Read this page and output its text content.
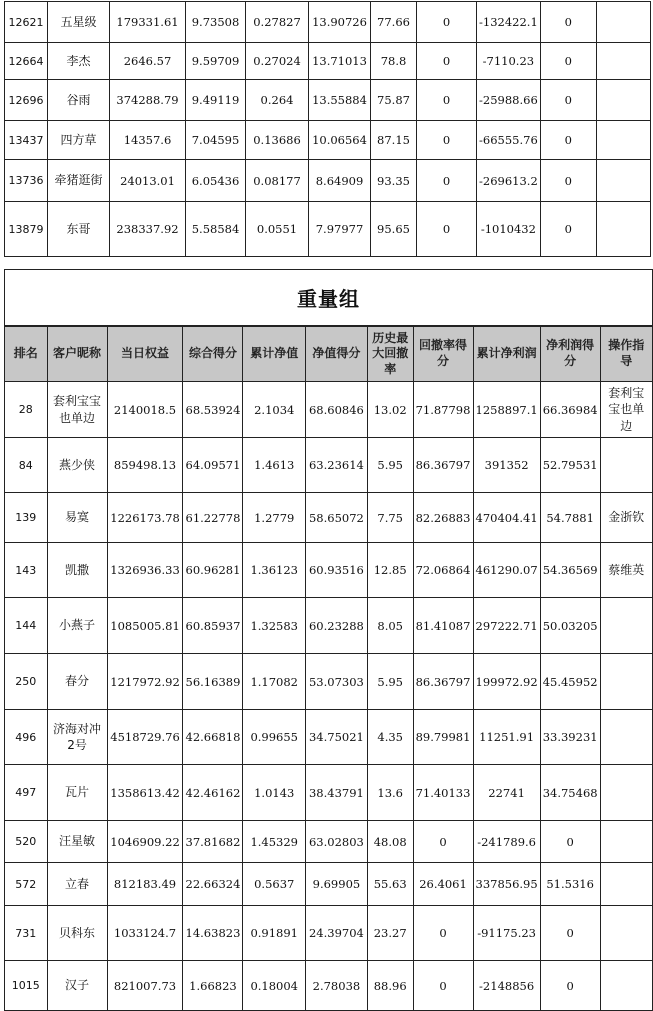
12621	五星级	179331.61	9.73508	0.27827	13.90726	77.66	0	-132422.1	0	
12664	李杰	2646.57	9.59709	0.27024	13.71013	78.8	0	-7110.23	0	
12696	谷雨	374288.79	9.49119	0.264	13.55884	75.87	0	-25988.66	0	
13437	四方草	14357.6	7.04595	0.13686	10.06564	87.15	0	-66555.76	0	
13736	牵猪逛街	24013.01	6.05436	0.08177	8.64909	93.35	0	-269613.2	0	
13879	东哥	238337.92	5.58584	0.0551	7.97977	95.65	0	-1010432	0	
重量组										
排名	客户昵称	当日权益	综合得分	累计净值	净值得分	历史最大回撤率	回撤率得分	累计净利润	净利润得分	操作指导
28	套利宝宝也单边	2140018.5	68.53924	2.1034	68.60846	13.02	71.87798	1258897.1	66.36984	套利宝宝也单边
84	燕少侠	859498.13	64.09571	1.4613	63.23614	5.95	86.36797	391352	52.79531	
139	易寞	1226173.78	61.22778	1.2779	58.65072	7.75	82.26883	470404.41	54.7881	金浙钦
143	凯撒	1326936.33	60.96281	1.36123	60.93516	12.85	72.06864	461290.07	54.36569	蔡维英
144	小燕子	1085005.81	60.85937	1.32583	60.23288	8.05	81.41087	297222.71	50.03205	
250	春分	1217972.92	56.16389	1.17082	53.07303	5.95	86.36797	199972.92	45.45952	
496	济海对冲2号	4518729.76	42.66818	0.99655	34.75021	4.35	89.79981	11251.91	33.39231	
497	瓦片	1358613.42	42.46162	1.0143	38.43791	13.6	71.40133	22741	34.75468	
520	汪星敏	1046909.22	37.81682	1.45329	63.02803	48.08	0	-241789.6	0	
572	立春	812183.49	22.66324	0.5637	9.69905	55.63	26.4061	337856.95	51.5316	
731	贝科东	1033124.7	14.63823	0.91891	24.39704	23.27	0	-91175.23	0	
1015	汉子	821007.73	1.66823	0.18004	2.78038	88.96	0	-2148856	0	
